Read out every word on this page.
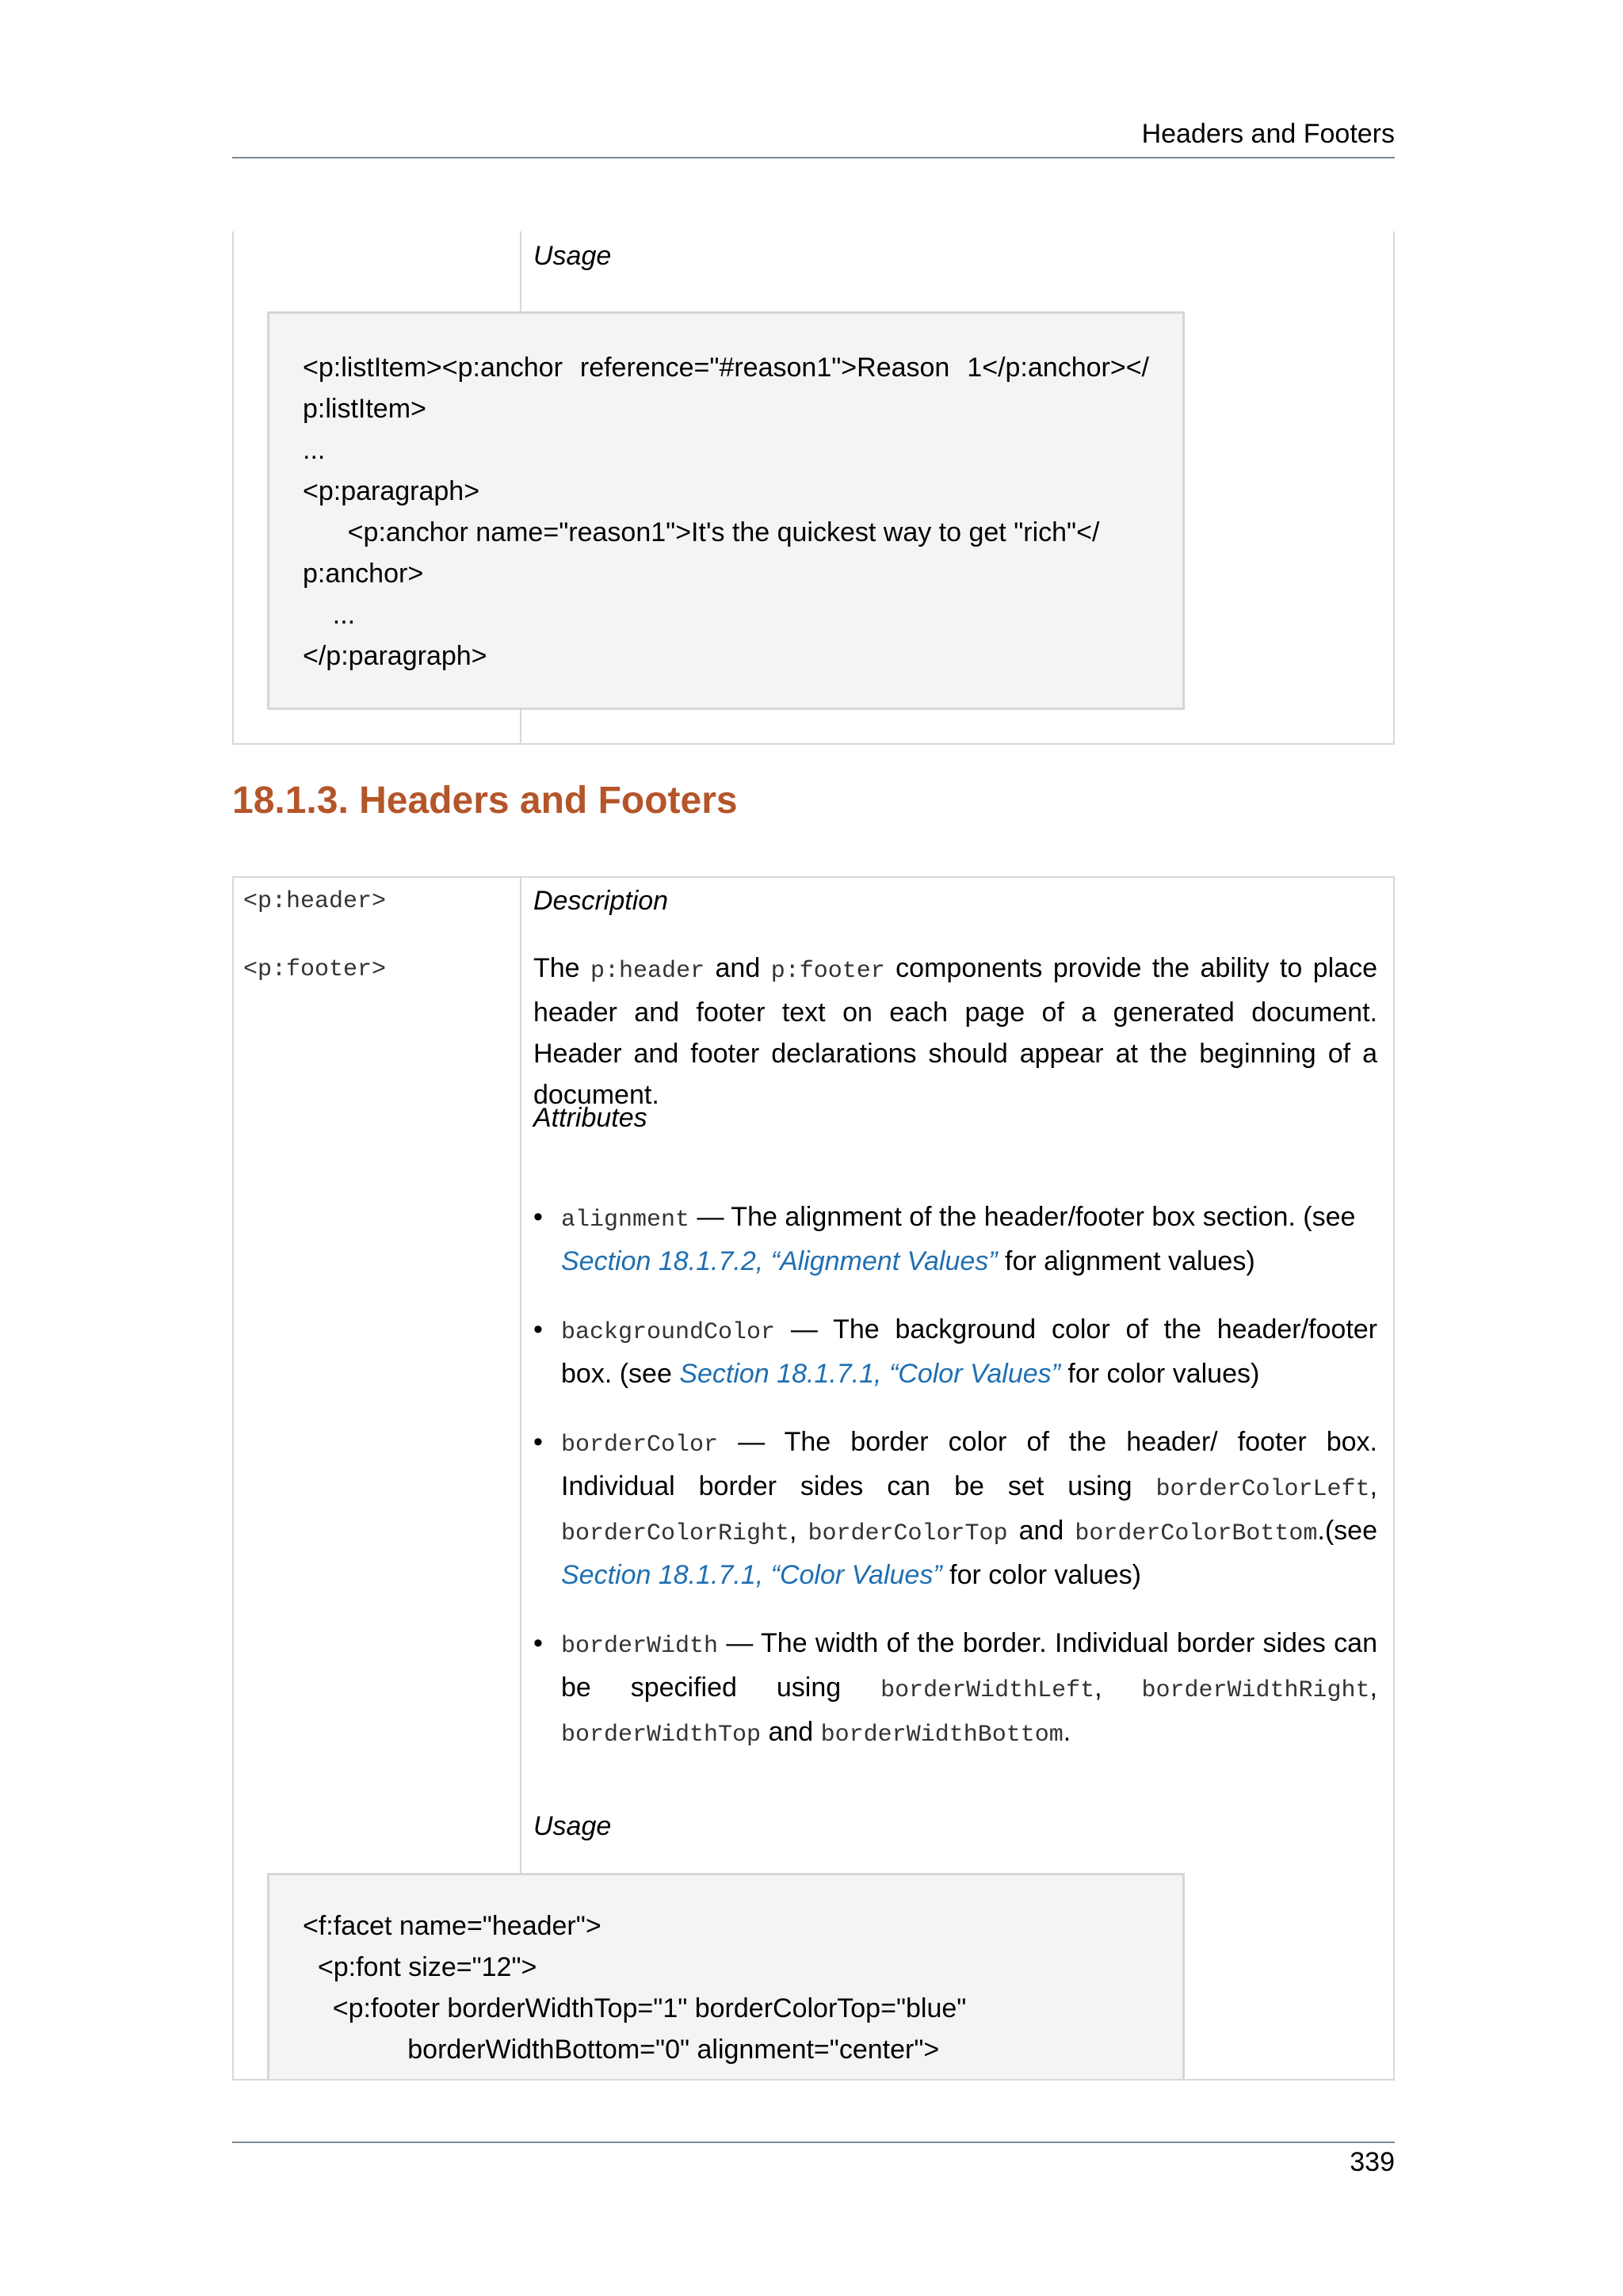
Headers and Footers
Usage
<p:listItem><p:anchor reference="#reason1">Reason 1</p:anchor></
p:listItem>
...
<p:paragraph>
<p:anchor name="reason1">It's the quickest way to get "rich"</
p:anchor>
...
</p:paragraph>
18.1.3. Headers and Footers
<p:header>
<p:footer>
Description
The p:header and p:footer components provide the ability to place header and footer text on each page of a generated document. Header and footer declarations should appear at the beginning of a document.
Attributes
• alignment — The alignment of the header/footer box section. (see
Section 18.1.7.2, “Alignment Values” for alignment values)
• backgroundColor — The background color of the header/footer box. (see Section 18.1.7.1, “Color Values” for color values)
• borderColor — The border color of the header/ footer box. Individual border sides can be set using borderColorLeft, borderColorRight, borderColorTop and borderColorBottom.(see Section 18.1.7.1, “Color Values” for color values)
• borderWidth — The width of the border. Individual border sides can be specified using borderWidthLeft, borderWidthRight, borderWidthTop and borderWidthBottom.
Usage
<f:facet name="header">
<p:font size="12">
<p:footer borderWidthTop="1" borderColorTop="blue"
borderWidthBottom="0" alignment="center">
339
